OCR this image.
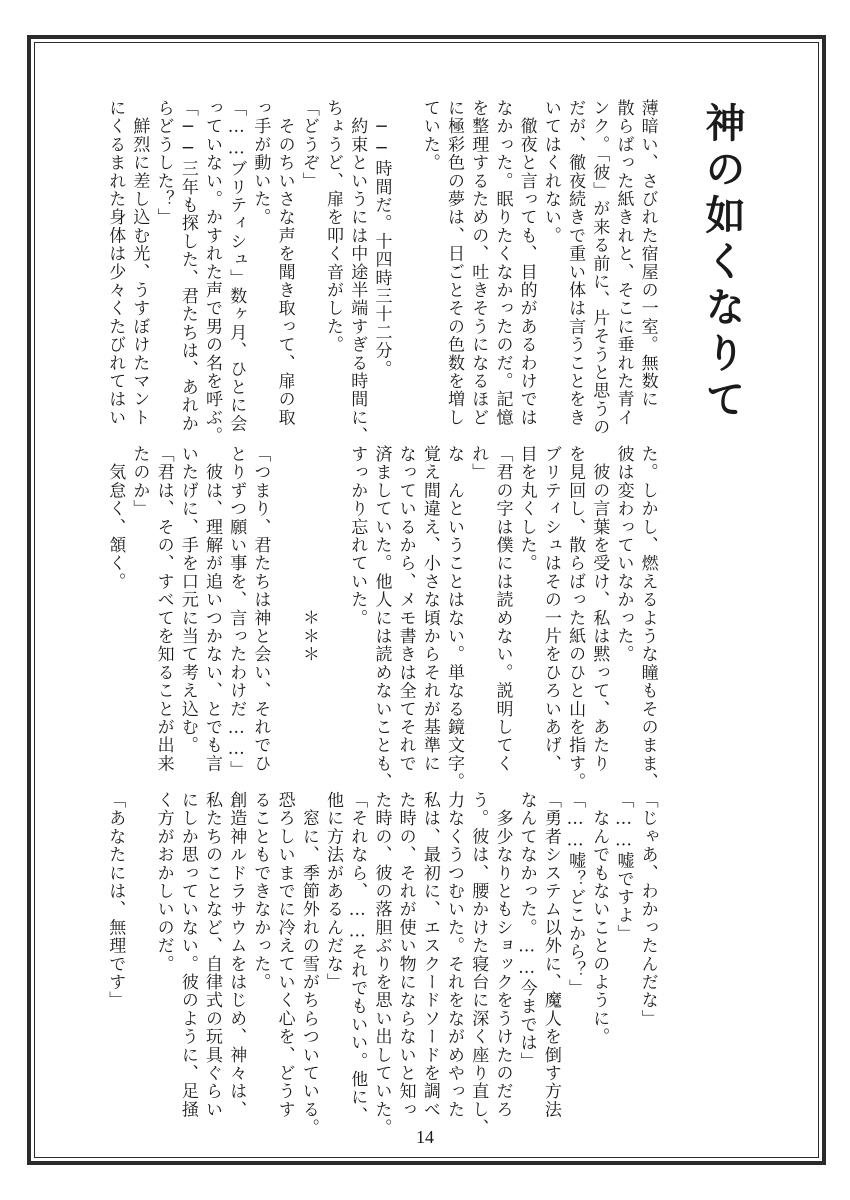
神の如くなりて
薄暗い、さびれた宿屋の一室。無数に
散らばった紙きれと、そこに垂れた青イ
ンク。「彼」が来る前に、片そうと思うの
だが、徹夜続きで重い体は言うことをき
いてはくれない。
　徹夜と言っても、目的があるわけでは
なかった。眠りたくなかったのだ。記憶
を整理するための、吐きそうになるほど
に極彩色の夢は、日ごとその色数を増し
ていた。

　──時間だ。十四時三十二分。
　約束というには中途半端すぎる時間に、
ちょうど、扉を叩く音がした。
「どうぞ」
　そのちいさな声を聞き取って、扉の取
っ手が動いた。
「……ブリティシュ」数ヶ月、ひとに会
っていない。かすれた声で男の名を呼ぶ。
「──三年も探した、君たちは、あれか
らどうした？」
　鮮烈に差し込む光、うすぼけたマント
にくるまれた身体は少々くたびれてはい
た。しかし、燃えるような瞳もそのまま、
彼は変わっていなかった。
　彼の言葉を受け、私は黙って、あたり
を見回し、散らばった紙のひと山を指す。
ブリティシュはその一片をひろいあげ、
目を丸くした。
「君の字は僕には読めない。説明してく
れ」
な　んということはない。単なる鏡文字。
覚え間違え、小さな頃からそれが基準に
なっているから、メモ書きは全てそれで
済ましていた。他人には読めないことも、
すっかり忘れていた。

　　　　　　　　　＊＊＊

「つまり、君たちは神と会い、それでひ
とりずつ願い事を、言ったわけだ……」
　彼は、理解が追いつかない、とでも言
いたげに、手を口元に当て考え込む。
「君は、その、すべてを知ることが出来
たのか」
　気怠く、頷く。
「じゃあ、わかったんだな」
「……嘘ですよ」
　なんでもないことのように。
「……嘘？どこから？」
「勇者システム以外に、魔人を倒す方法
なんてなかった。……今までは」
　多少なりともショックをうけたのだろ
う。彼は、腰かけた寝台に深く座り直し、
力なくうつむいた。それをながめやった
私は、最初に、エスクードソードを調べ
た時の、それが使い物にならないと知っ
た時の、彼の落胆ぶりを思い出していた。
「それなら、……それでもいい。他に、
他に方法があるんだな」
　窓に、季節外れの雪がちらついている。
恐ろしいまでに冷えていく心を、どうす
ることもできなかった。
創造神ルドラサウムをはじめ、神々は、
私たちのことなど、自律式の玩具ぐらい
にしか思っていない。彼のように、足掻
く方がおかしいのだ。

「あなたには、無理です」
14
